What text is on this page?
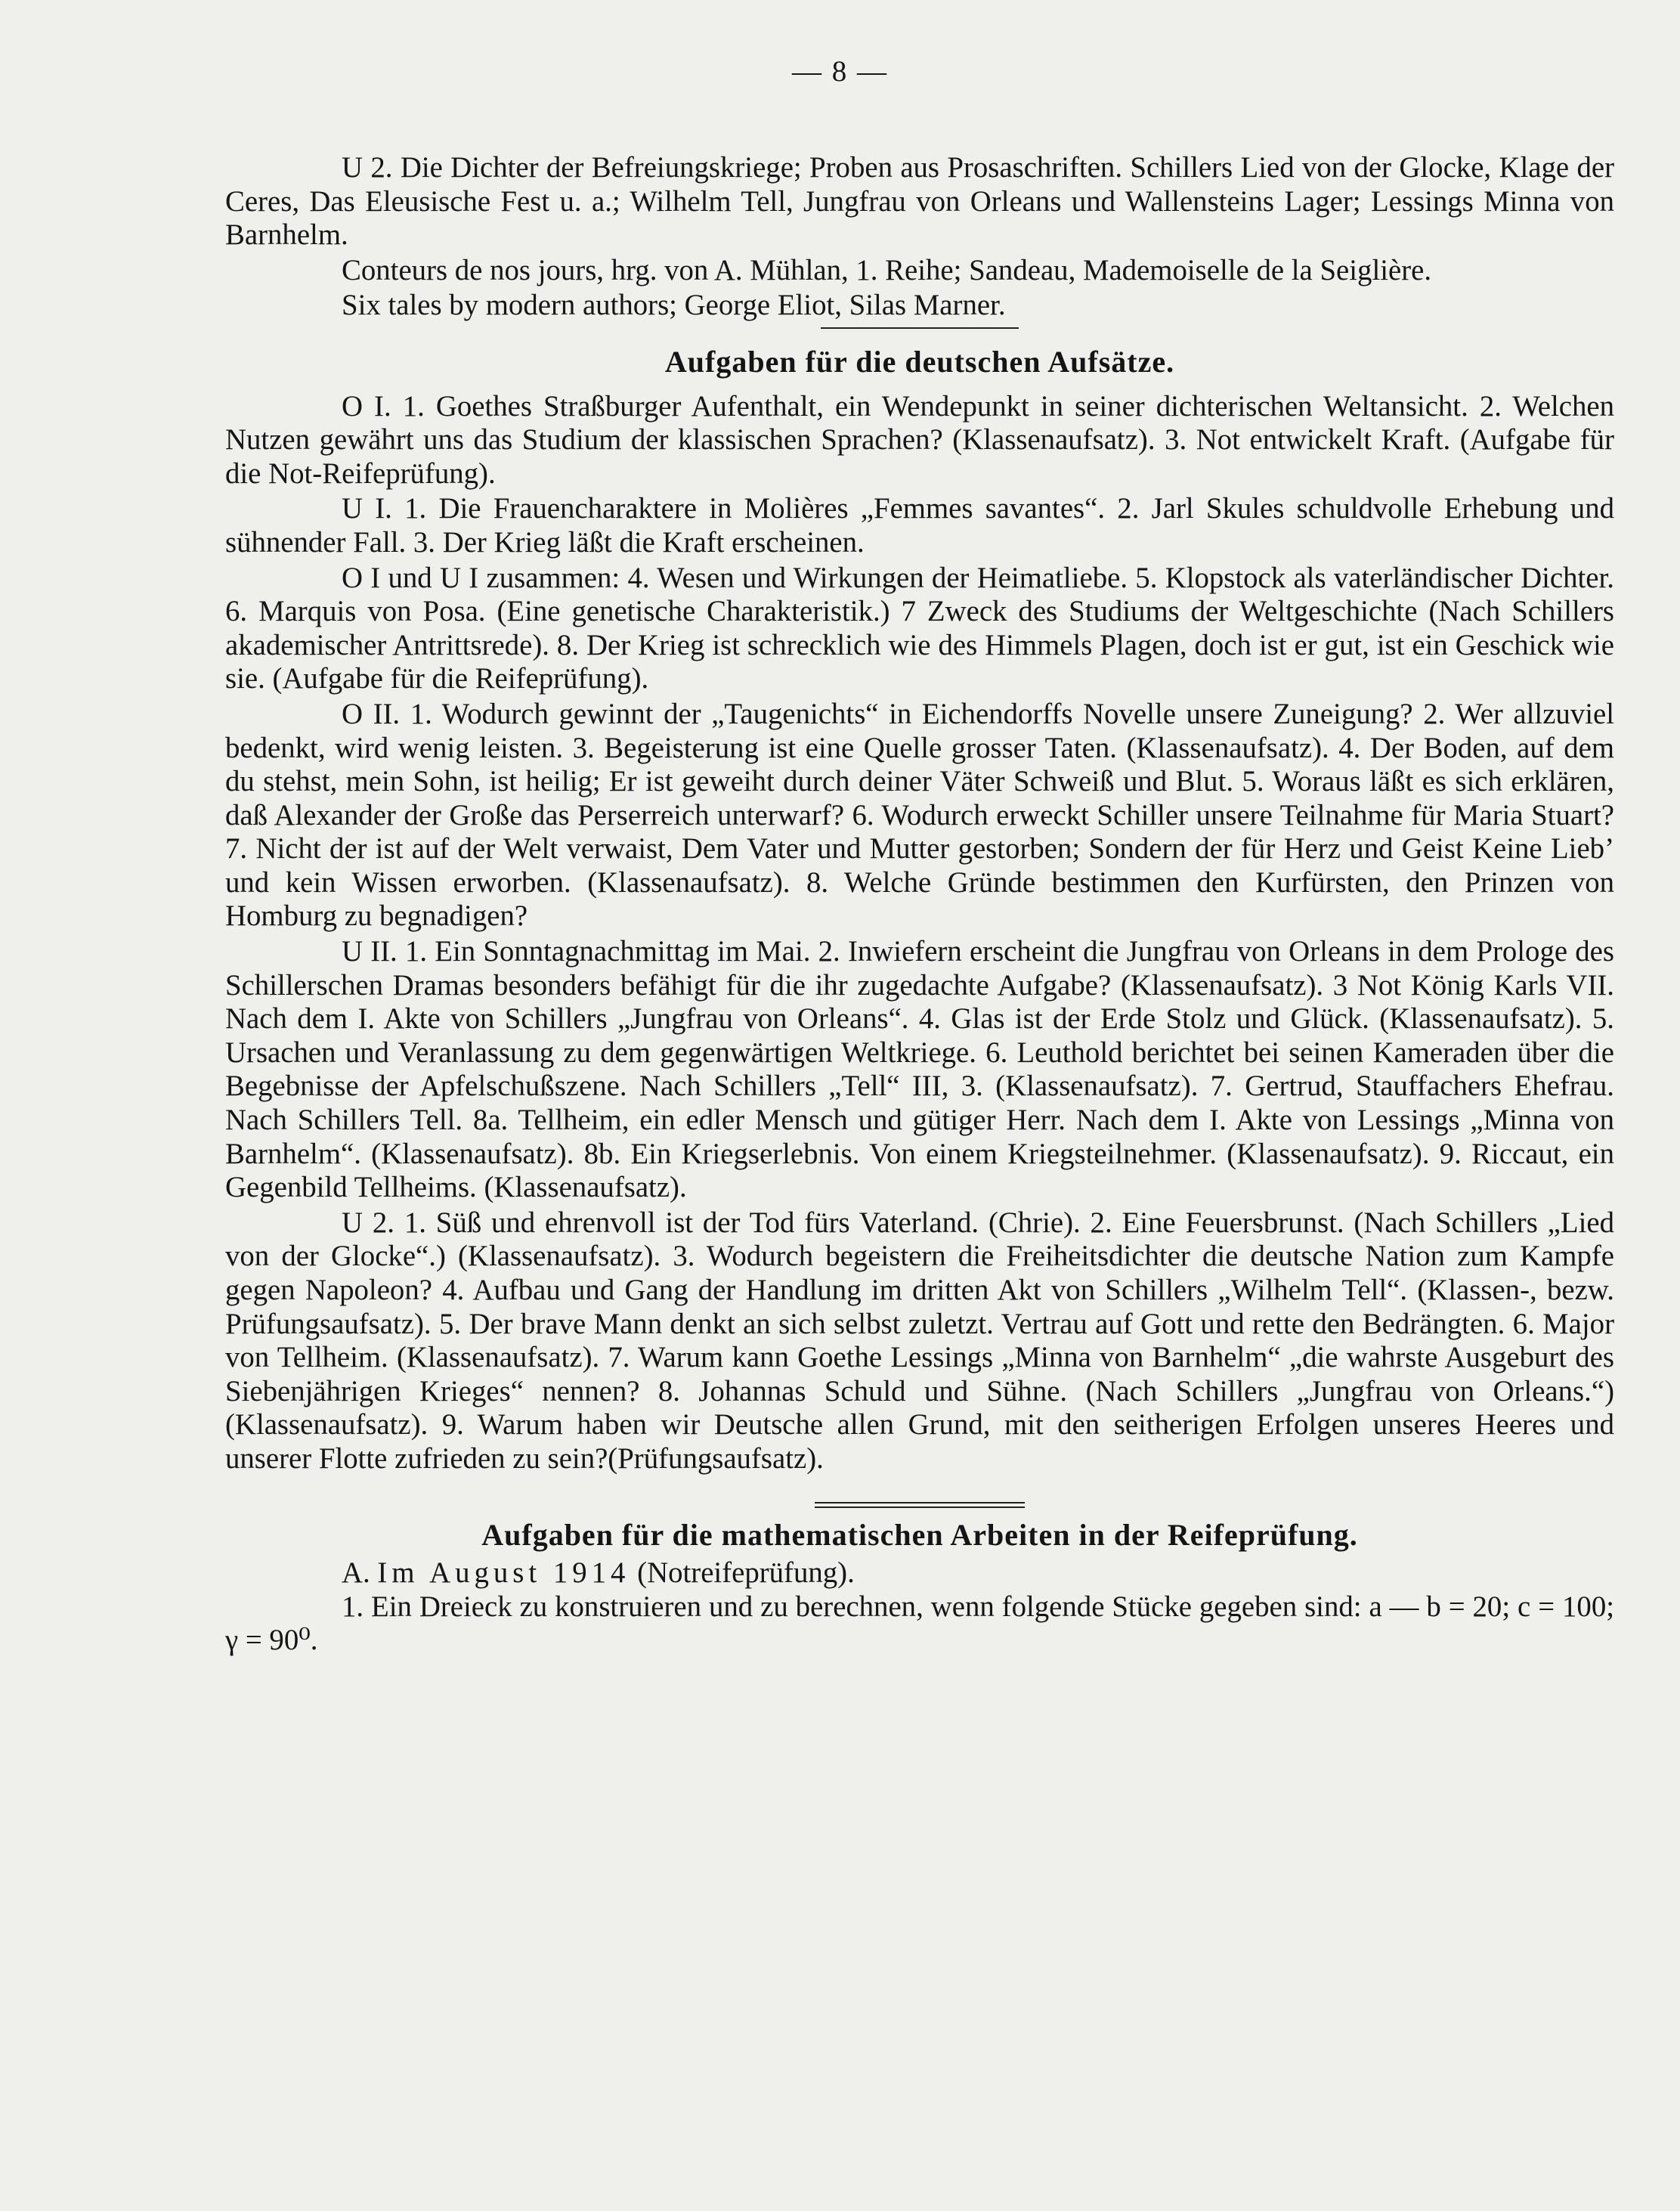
— 8 —

U 2. Die Dichter der Befreiungskriege; Proben aus Prosaschriften. Schillers Lied von der Glocke, Klage der Ceres, Das Eleusische Fest u. a.; Wilhelm Tell, Jungfrau von Orleans und Wallensteins Lager; Lessings Minna von Barnhelm.

Conteurs de nos jours, hrg. von A. Mühlan, 1. Reihe; Sandeau, Mademoiselle de la Seiglière.

Six tales by modern authors; George Eliot, Silas Marner.

Aufgaben für die deutschen Aufsätze.

O I. 1. Goethes Straßburger Aufenthalt, ein Wendepunkt in seiner dichterischen Weltansicht. 2. Welchen Nutzen gewährt uns das Studium der klassischen Sprachen? (Klassenaufsatz). 3. Not entwickelt Kraft. (Aufgabe für die Not-Reifeprüfung).

U I. 1. Die Frauencharaktere in Molières „Femmes savantes“. 2. Jarl Skules schuldvolle Erhebung und sühnender Fall. 3. Der Krieg läßt die Kraft erscheinen.

O I und U I zusammen: 4. Wesen und Wirkungen der Heimatliebe. 5. Klopstock als vaterländischer Dichter. 6. Marquis von Posa. (Eine genetische Charakteristik.) 7 Zweck des Studiums der Weltgeschichte (Nach Schillers akademischer Antrittsrede). 8. Der Krieg ist schrecklich wie des Himmels Plagen, doch ist er gut, ist ein Geschick wie sie. (Aufgabe für die Reifeprüfung).

O II. 1. Wodurch gewinnt der „Taugenichts“ in Eichendorffs Novelle unsere Zuneigung? 2. Wer allzuviel bedenkt, wird wenig leisten. 3. Begeisterung ist eine Quelle grosser Taten. (Klassenaufsatz). 4. Der Boden, auf dem du stehst, mein Sohn, ist heilig; Er ist geweiht durch deiner Väter Schweiß und Blut. 5. Woraus läßt es sich erklären, daß Alexander der Große das Perserreich unterwarf? 6. Wodurch erweckt Schiller unsere Teilnahme für Maria Stuart? 7. Nicht der ist auf der Welt verwaist, Dem Vater und Mutter gestorben; Sondern der für Herz und Geist Keine Lieb’ und kein Wissen erworben. (Klassenaufsatz). 8. Welche Gründe bestimmen den Kurfürsten, den Prinzen von Homburg zu begnadigen?

U II. 1. Ein Sonntagnachmittag im Mai. 2. Inwiefern erscheint die Jungfrau von Orleans in dem Prologe des Schillerschen Dramas besonders befähigt für die ihr zugedachte Aufgabe? (Klassenaufsatz). 3 Not König Karls VII. Nach dem I. Akte von Schillers „Jungfrau von Orleans“. 4. Glas ist der Erde Stolz und Glück. (Klassenaufsatz). 5. Ursachen und Veranlassung zu dem gegenwärtigen Weltkriege. 6. Leuthold berichtet bei seinen Kameraden über die Begebnisse der Apfelschußszene. Nach Schillers „Tell“ III, 3. (Klassenaufsatz). 7. Gertrud, Stauffachers Ehefrau. Nach Schillers Tell. 8a. Tellheim, ein edler Mensch und gütiger Herr. Nach dem I. Akte von Lessings „Minna von Barnhelm“. (Klassenaufsatz). 8b. Ein Kriegserlebnis. Von einem Kriegsteilnehmer. (Klassenaufsatz). 9. Riccaut, ein Gegenbild Tellheims. (Klassenaufsatz).

U 2. 1. Süß und ehrenvoll ist der Tod fürs Vaterland. (Chrie). 2. Eine Feuersbrunst. (Nach Schillers „Lied von der Glocke“.) (Klassenaufsatz). 3. Wodurch begeistern die Freiheitsdichter die deutsche Nation zum Kampfe gegen Napoleon? 4. Aufbau und Gang der Handlung im dritten Akt von Schillers „Wilhelm Tell“. (Klassen-, bezw. Prüfungsaufsatz). 5. Der brave Mann denkt an sich selbst zuletzt. Vertrau auf Gott und rette den Bedrängten. 6. Major von Tellheim. (Klassenaufsatz). 7. Warum kann Goethe Lessings „Minna von Barnhelm“ „die wahrste Ausgeburt des Siebenjährigen Krieges“ nennen? 8. Johannas Schuld und Sühne. (Nach Schillers „Jungfrau von Orleans.“) (Klassenaufsatz). 9. Warum haben wir Deutsche allen Grund, mit den seitherigen Erfolgen unseres Heeres und unserer Flotte zufrieden zu sein?(Prüfungsaufsatz).

Aufgaben für die mathematischen Arbeiten in der Reifeprüfung.

A. Im August 1914 (Notreifeprüfung).

1. Ein Dreieck zu konstruieren und zu berechnen, wenn folgende Stücke gegeben sind: a — b = 20; c = 100; γ = 90⁰.
